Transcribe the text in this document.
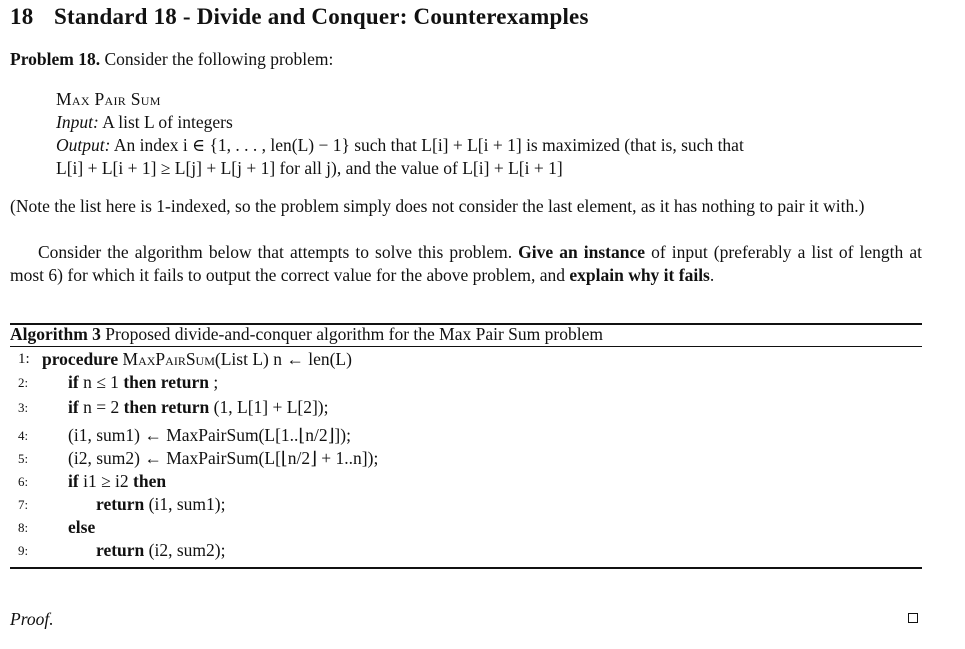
18 Standard 18 - Divide and Conquer: Counterexamples
Problem 18. Consider the following problem:
Max Pair Sum
Input: A list L of integers
Output: An index i ∈ {1, . . . , len(L) − 1} such that L[i] + L[i + 1] is maximized (that is, such that
L[i] + L[i + 1] ≥ L[j] + L[j + 1] for all j), and the value of L[i] + L[i + 1]
(Note the list here is 1-indexed, so the problem simply does not consider the last element, as it has nothing to pair it with.)
Consider the algorithm below that attempts to solve this problem. Give an instance of input (preferably a list of length at most 6) for which it fails to output the correct value for the above problem, and explain why it fails.
Algorithm 3 Proposed divide-and-conquer algorithm for the Max Pair Sum problem
1: procedure MaxPairSum(List L) n ← len(L)
2:	if n ≤ 1 then return ;
3:	if n = 2 then return (1, L[1] + L[2]);
4:	(i1, sum1) ← MaxPairSum(L[1..⌊n/2⌋]);
5:	(i2, sum2) ← MaxPairSum(L[⌊n/2⌋ + 1..n]);
6:	if i1 ≥ i2 then
7:	return (i1, sum1);
8:	else
9:	return (i2, sum2);
Proof.
